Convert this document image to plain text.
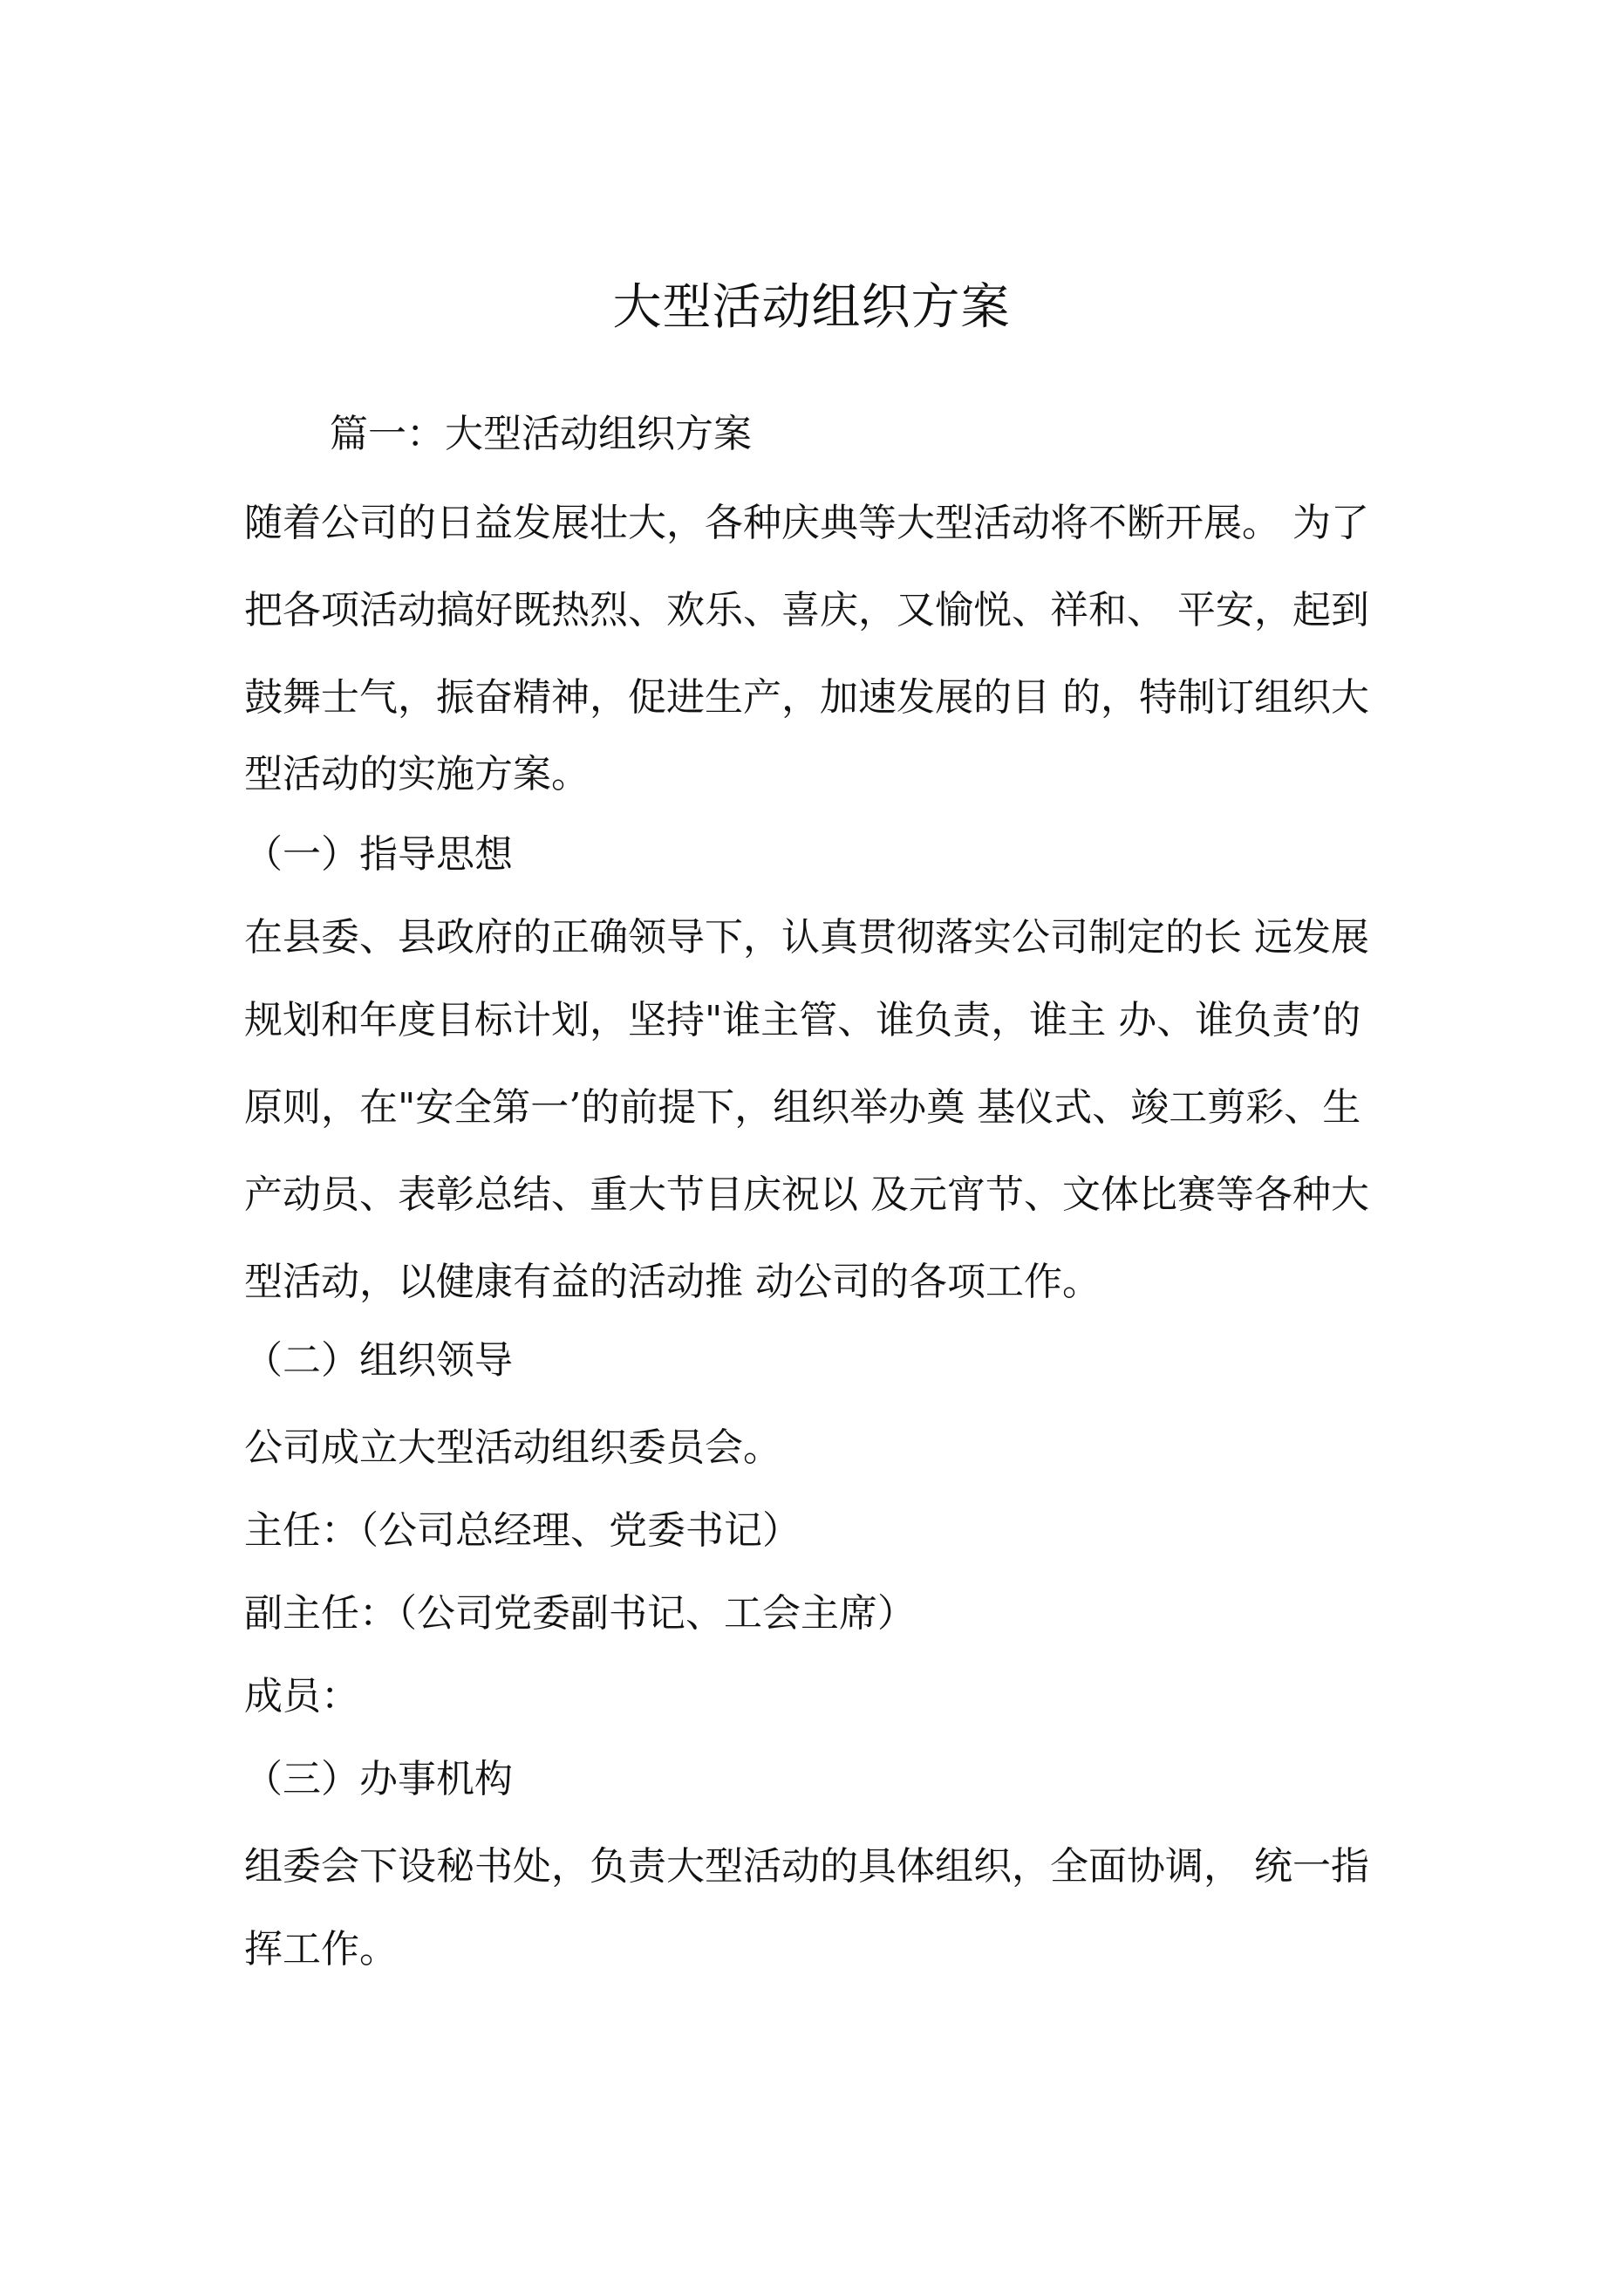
大型活动组织方案
篇一：大型活动组织方案
随着公司的日益发展壮大，各种庆典等大型活动将不断开展。 为了
把各项活动搞好既热烈、欢乐、喜庆，又愉悦、祥和、 平安，起到
鼓舞士气，振奋精神，促进生产，加速发展的目 的，特制订组织大
型活动的实施方案。
（一）指导思想
在县委、县政府的正确领导下，认真贯彻落实公司制定的长 远发展
规划和年度目标计划，坚持"谁主管、谁负责，谁主 办、谁负责’的
原则，在"安全第一’的前提下，组织举办奠 基仪式、竣工剪彩、生
产动员、表彰总结、重大节目庆祝以 及元宵节、文体比赛等各种大
型活动，以健康有益的活动推 动公司的各项工作。
（二）组织领导
公司成立大型活动组织委员会。
主任：（公司总经理、党委书记）
副主任：（公司党委副书记、工会主席）
成员：
（三）办事机构
组委会下设秘书处，负责大型活动的具体组织，全面协调， 统一指
挥工作。
